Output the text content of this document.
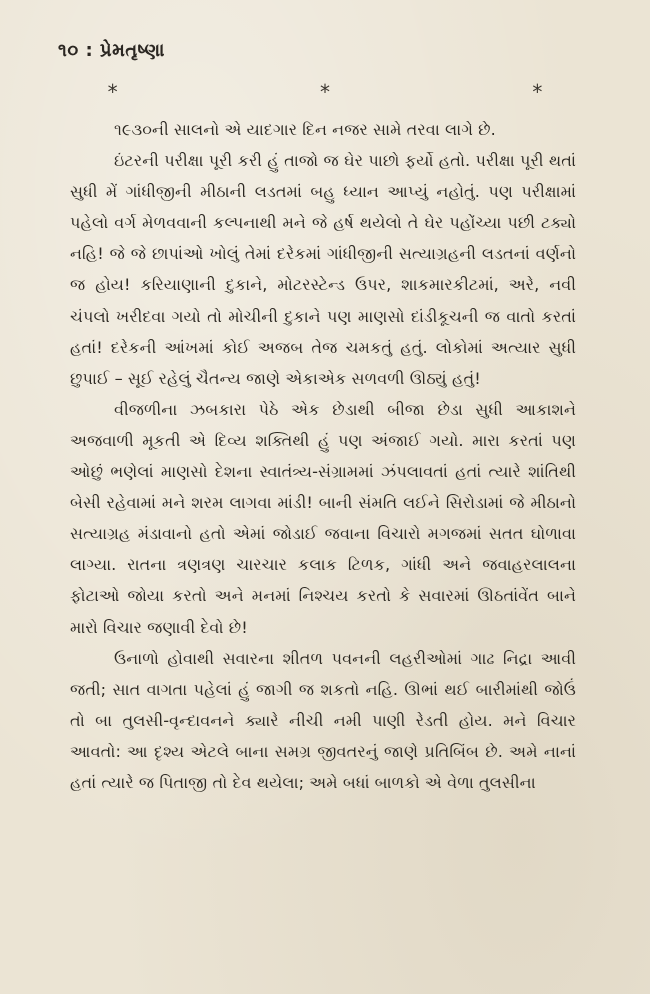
૧૦ : પ્રેમતૃષ્ણા
*	*	*

૧૯૩૦ની સાલનો એ યાદગાર દિન નજર સામે તરવા લાગે છે.

ઇંટરની પરીક્ષા પૂરી કરી હું તાજો જ ઘેર પાછો ફર્યો હતો. પરીક્ષા પૂરી થતાં સુધી મેં ગાંધીજીની મીઠાની લડતમાં બહુ ધ્યાન આપ્યું નહોતું. પણ પરીક્ષામાં પહેલો વર્ગ મેળવવાની કલ્પનાથી મને જે હર્ષ થયેલો તે ઘેર પહોંચ્યા પછી ટક્યો નહિ! જે જે છાપાંઓ ખોલું તેમાં દરેકમાં ગાંધીજીની સત્યાગ્રહની લડતનાં વર્ણનો જ હોય! કરિયાણાની દુકાને, મોટરસ્ટેન્ડ ઉપર, શાકમારકીટમાં, અરે, નવી ચંપલો ખરીદવા ગયો તો મોચીની દુકાને પણ માણસો દાંડીકૂચની જ વાતો કરતાં હતાં! દરેકની આંખમાં કોઈ અજબ તેજ ચમકતું હતું. લોકોમાં અત્યાર સુધી છુપાઈ – સૂઈ રહેલું ચૈતન્ય જાણે એકાએક સળવળી ઊઠ્યું હતું!

વીજળીના ઝબકારા પેઠે એક છેડાથી બીજા છેડા સુધી આકાશને અજવાળી મૂકતી એ દિવ્ય શક્તિથી હું પણ અંજાઈ ગયો. મારા કરતાં પણ ઓછું ભણેલાં માણસો દેશના સ્વાતંત્ર્ય-સંગ્રામમાં ઝંપલાવતાં હતાં ત્યારે શાંતિથી બેસી રહેવામાં મને શરમ લાગવા માંડી! બાની સંમતિ લઈને સિરોડામાં જે મીઠાનો સત્યાગ્રહ મંડાવાનો હતો એમાં જોડાઈ જવાના વિચારો મગજમાં સતત ઘોળાવા લાગ્યા. રાતના ત્રણત્રણ ચારચાર કલાક ટિળક, ગાંધી અને જવાહરલાલના ફોટાઓ જોયા કરતો અને મનમાં નિશ્ચય કરતો કે સવારમાં ઊઠતાંવેંત બાને મારો વિચાર જણાવી દેવો છે!

ઉનાળો હોવાથી સવારના શીતળ પવનની લહરીઓમાં ગાઢ નિદ્રા આવી જતી; સાત વાગતા પહેલાં હું જાગી જ શકતો નહિ. ઊભાં થઈ બારીમાંથી જોઉં તો બા તુલસી-વૃન્દાવનને ક્યારે નીચી નમી પાણી રેડતી હોય. મને વિચાર આવતો: આ દૃશ્ય એટલે બાના સમગ્ર જીવતરનું જાણે પ્રતિબિંબ છે. અમે નાનાં હતાં ત્યારે જ પિતાજી તો દેવ થયેલા; અમે બધાં બાળકો એ વેળા તુલસીના
